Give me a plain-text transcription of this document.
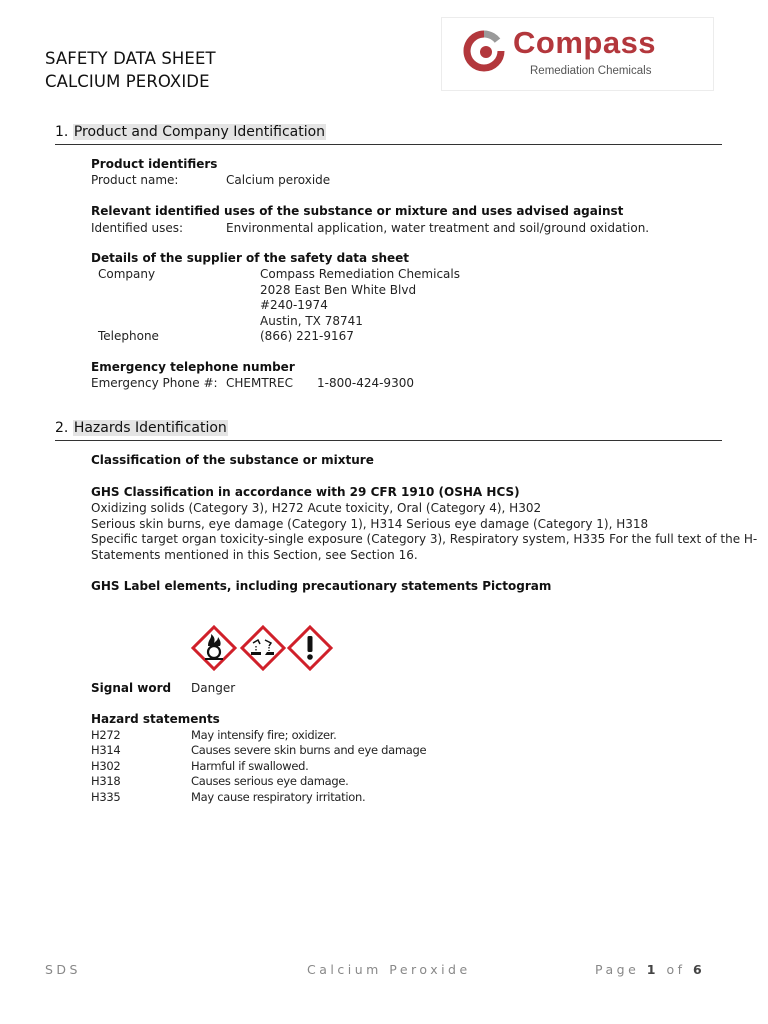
SAFETY DATA SHEET
CALCIUM PEROXIDE
Compass
Remediation Chemicals
1. Product and Company Identification
Product identifiers
Product name:	Calcium peroxide
Relevant identified uses of the substance or mixture and uses advised against
Identified uses:	Environmental application, water treatment and soil/ground oxidation.
Details of the supplier of the safety data sheet
Company	Compass Remediation Chemicals
2028 East Ben White Blvd
#240-1974
Austin, TX 78741
Telephone	(866) 221-9167
Emergency telephone number
Emergency Phone #: CHEMTREC 1-800-424-9300
2. Hazards Identification
Classification of the substance or mixture
GHS Classification in accordance with 29 CFR 1910 (OSHA HCS)
Oxidizing solids (Category 3), H272 Acute toxicity, Oral (Category 4), H302
Serious skin burns, eye damage (Category 1), H314 Serious eye damage (Category 1), H318
Specific target organ toxicity-single exposure (Category 3), Respiratory system, H335 For the full text of the H-
Statements mentioned in this Section, see Section 16.
GHS Label elements, including precautionary statements Pictogram
Signal word Danger
Hazard statements
H272	May intensify fire; oxidizer.
H314	Causes severe skin burns and eye damage
H302	Harmful if swallowed.
H318	Causes serious eye damage.
H335	May cause respiratory irritation.
SDS	Calcium Peroxide	Page 1 of 6
